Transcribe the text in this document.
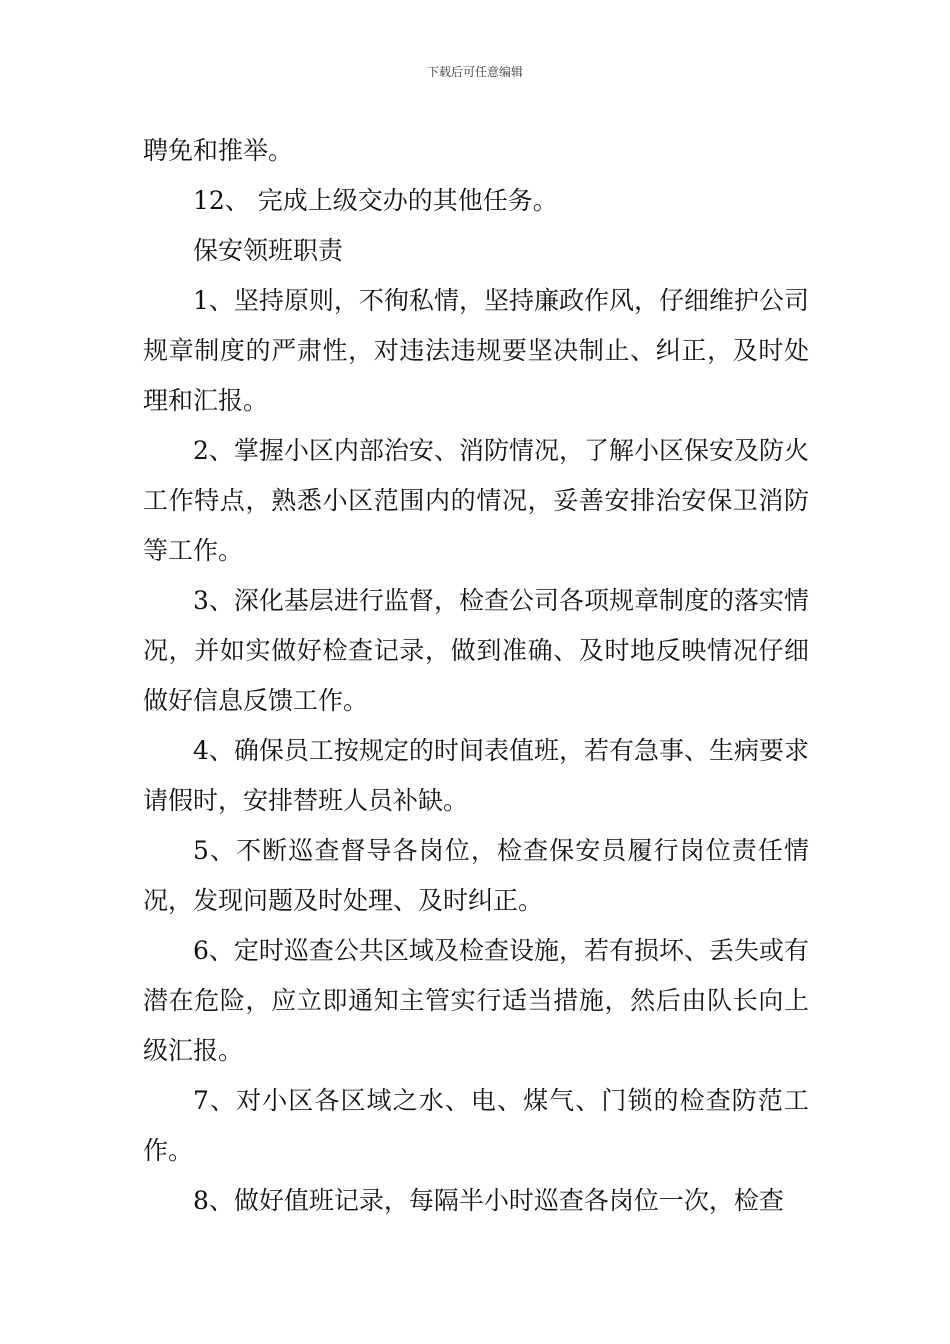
下载后可任意编辑

聘免和推举。

12、 完成上级交办的其他任务。

保安领班职责

1、坚持原则，不徇私情，坚持廉政作风，仔细维护公司规章制度的严肃性，对违法违规要坚决制止、纠正，及时处理和汇报。

2、掌握小区内部治安、消防情况，了解小区保安及防火工作特点，熟悉小区范围内的情况，妥善安排治安保卫消防等工作。

3、深化基层进行监督，检查公司各项规章制度的落实情况，并如实做好检查记录，做到准确、及时地反映情况仔细做好信息反馈工作。

4、确保员工按规定的时间表值班，若有急事、生病要求请假时，安排替班人员补缺。

5、不断巡查督导各岗位，检查保安员履行岗位责任情况，发现问题及时处理、及时纠正。

6、定时巡查公共区域及检查设施，若有损坏、丢失或有潜在危险，应立即通知主管实行适当措施，然后由队长向上级汇报。

7、对小区各区域之水、电、煤气、门锁的检查防范工作。

8、做好值班记录，每隔半小时巡查各岗位一次，检查
